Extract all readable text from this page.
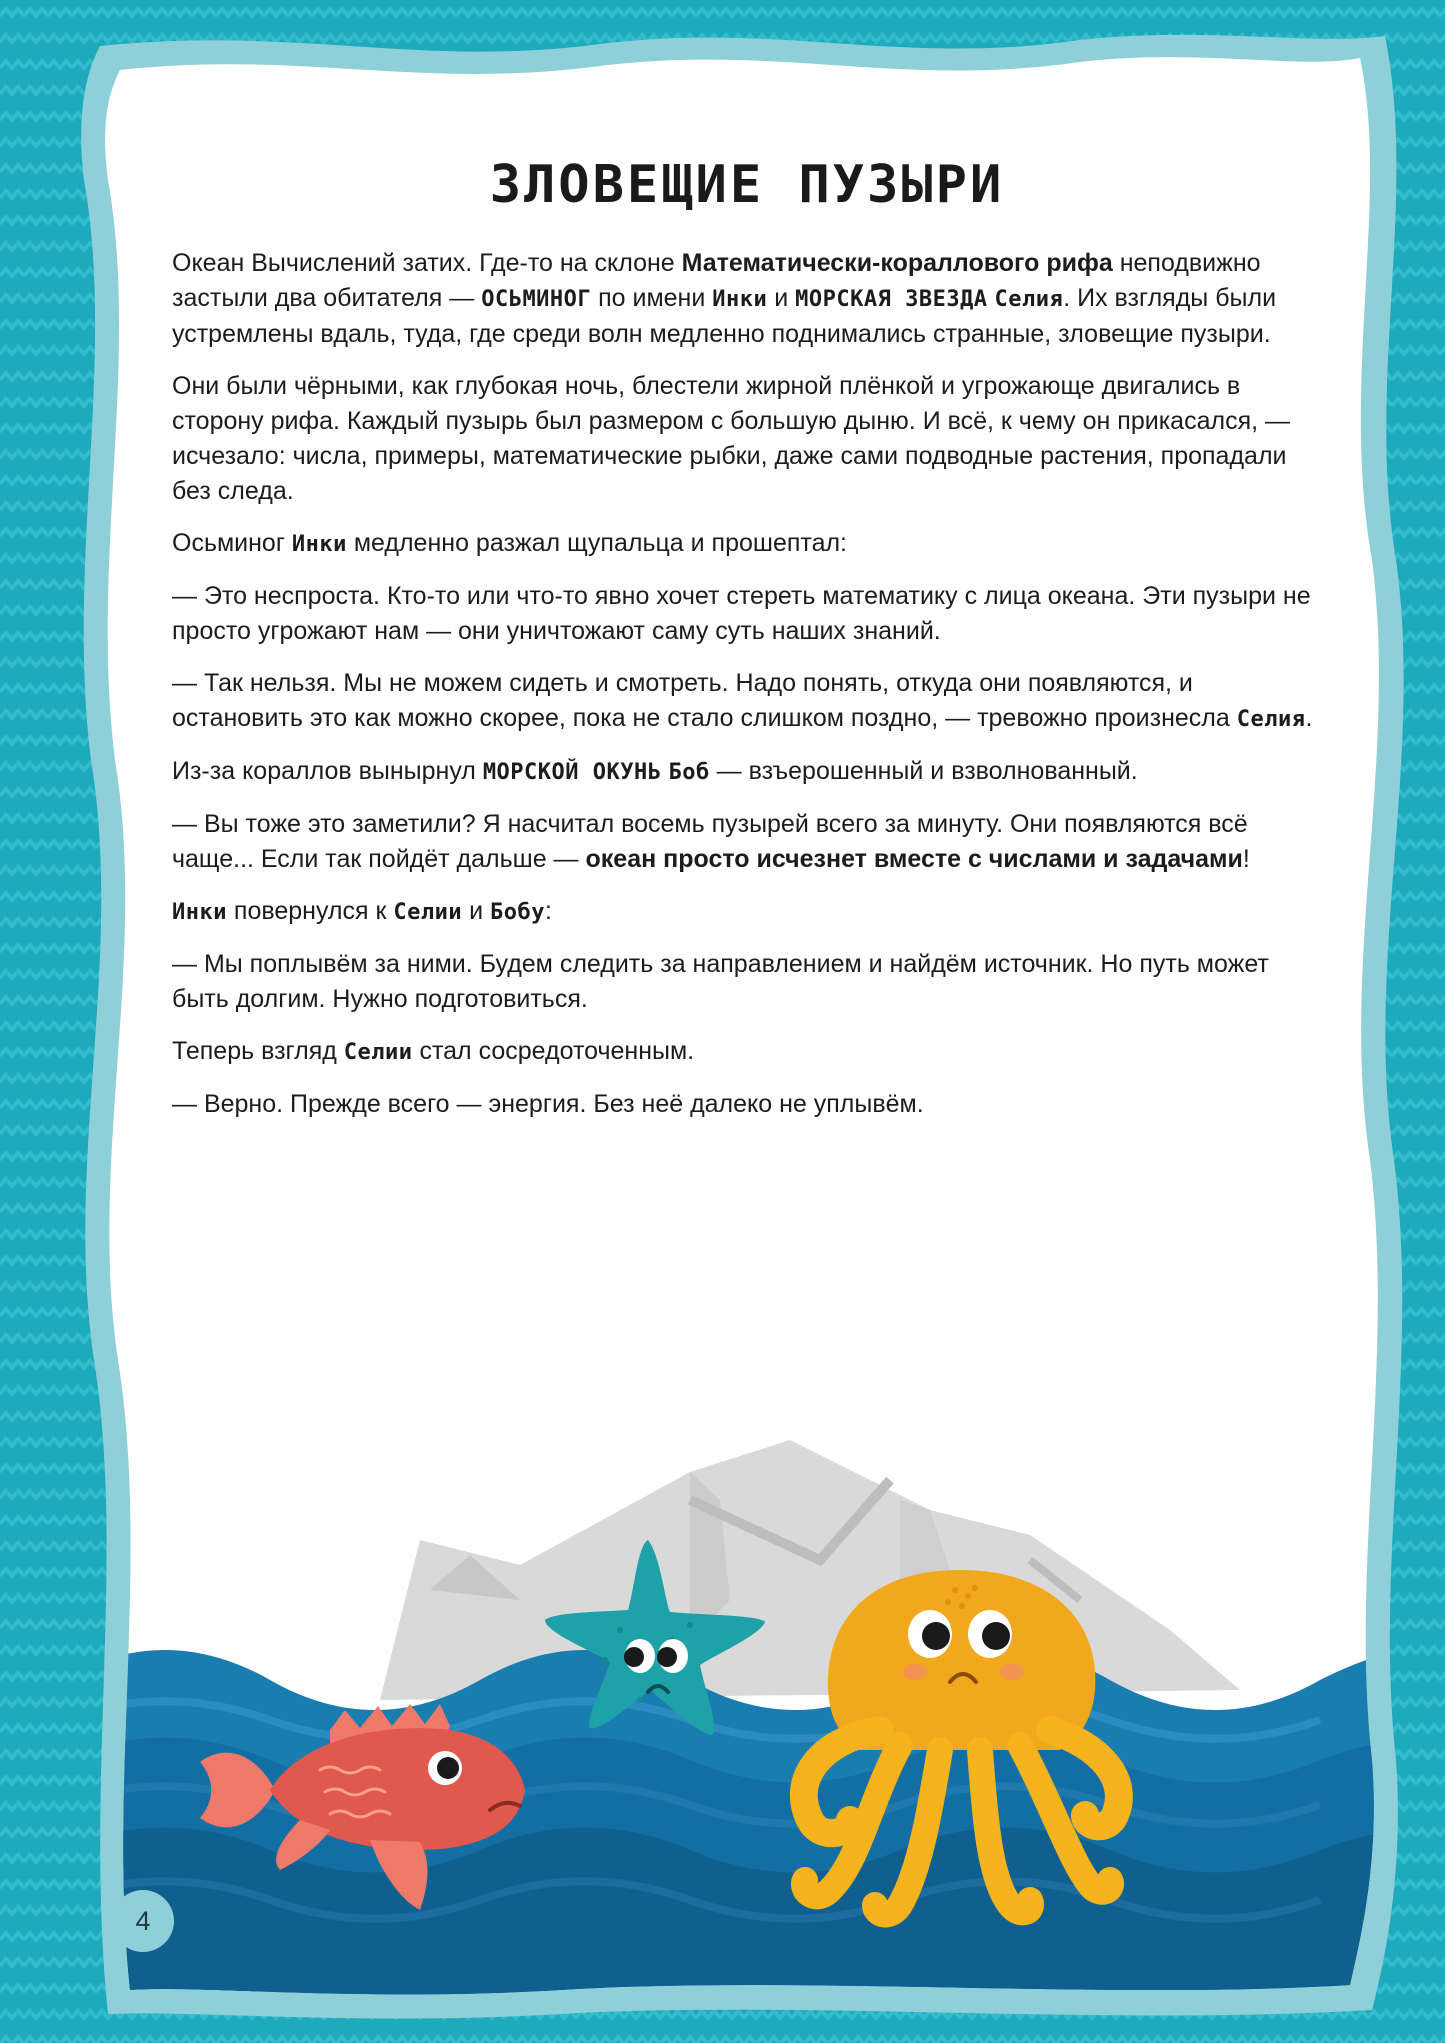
ЗЛОВЕЩИЕ ПУЗЫРИ

Океан Вычислений затих. Где-то на склоне Математически-кораллового рифа неподвижно застыли два обитателя — ОСЬМИНОГ по имени Инки и МОРСКАЯ ЗВЕЗДА Селия. Их взгляды были устремлены вдаль, туда, где среди волн медленно поднимались странные, зловещие пузыри.

Они были чёрными, как глубокая ночь, блестели жирной плёнкой и угрожающе двигались в сторону рифа. Каждый пузырь был размером с большую дыню. И всё, к чему он прикасался, — исчезало: числа, примеры, математические рыбки, даже сами подводные растения, пропадали без следа.

Осьминог Инки медленно разжал щупальца и прошептал:

— Это неспроста. Кто-то или что-то явно хочет стереть математику с лица океана. Эти пузыри не просто угрожают нам — они уничтожают саму суть наших знаний.

— Так нельзя. Мы не можем сидеть и смотреть. Надо понять, откуда они появляются, и остановить это как можно скорее, пока не стало слишком поздно, — тревожно произнесла Селия.

Из-за кораллов вынырнул МОРСКОЙ ОКУНЬ Боб — взъерошенный и взволнованный.

— Вы тоже это заметили? Я насчитал восемь пузырей всего за минуту. Они появляются всё чаще... Если так пойдёт дальше — океан просто исчезнет вместе с числами и задачами!

Инки повернулся к Селии и Бобу:

— Мы поплывём за ними. Будем следить за направлением и найдём источник. Но путь может быть долгим. Нужно подготовиться.

Теперь взгляд Селии стал сосредоточенным.

— Верно. Прежде всего — энергия. Без неё далеко не уплывём.

4
